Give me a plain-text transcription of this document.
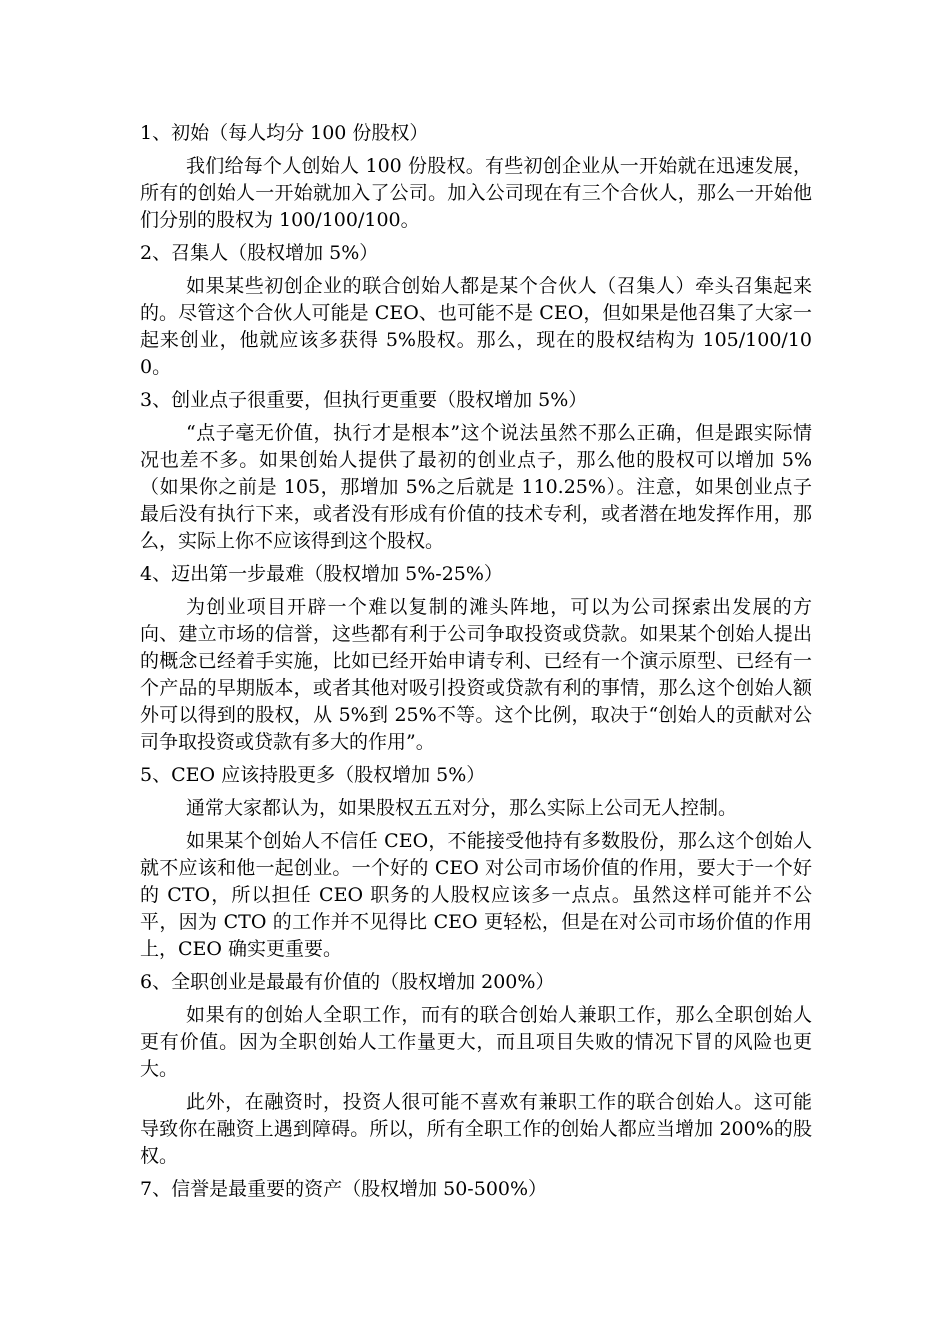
1、初始（每人均分 100 份股权）

我们给每个人创始人 100 份股权。有些初创企业从一开始就在迅速发展，所有的创始人一开始就加入了公司。加入公司现在有三个合伙人，那么一开始他们分别的股权为 100/100/100。

2、召集人（股权增加 5%）

如果某些初创企业的联合创始人都是某个合伙人（召集人）牵头召集起来的。尽管这个合伙人可能是 CEO、也可能不是 CEO，但如果是他召集了大家一起来创业，他就应该多获得 5%股权。那么，现在的股权结构为 105/100/100。

3、创业点子很重要，但执行更重要（股权增加 5%）

“点子毫无价值，执行才是根本”这个说法虽然不那么正确，但是跟实际情况也差不多。如果创始人提供了最初的创业点子，那么他的股权可以增加 5%（如果你之前是 105，那增加 5%之后就是 110.25%）。注意，如果创业点子最后没有执行下来，或者没有形成有价值的技术专利，或者潜在地发挥作用，那么，实际上你不应该得到这个股权。

4、迈出第一步最难（股权增加 5%-25%）

为创业项目开辟一个难以复制的滩头阵地，可以为公司探索出发展的方向、建立市场的信誉，这些都有利于公司争取投资或贷款。如果某个创始人提出的概念已经着手实施，比如已经开始申请专利、已经有一个演示原型、已经有一个产品的早期版本，或者其他对吸引投资或贷款有利的事情，那么这个创始人额外可以得到的股权，从 5%到 25%不等。这个比例，取决于“创始人的贡献对公司争取投资或贷款有多大的作用”。

5、CEO 应该持股更多（股权增加 5%）

通常大家都认为，如果股权五五对分，那么实际上公司无人控制。

如果某个创始人不信任 CEO，不能接受他持有多数股份，那么这个创始人就不应该和他一起创业。一个好的 CEO 对公司市场价值的作用，要大于一个好的 CTO，所以担任 CEO 职务的人股权应该多一点点。虽然这样可能并不公平，因为 CTO 的工作并不见得比 CEO 更轻松，但是在对公司市场价值的作用上，CEO 确实更重要。

6、全职创业是最最有价值的（股权增加 200%）

如果有的创始人全职工作，而有的联合创始人兼职工作，那么全职创始人更有价值。因为全职创始人工作量更大，而且项目失败的情况下冒的风险也更大。

此外，在融资时，投资人很可能不喜欢有兼职工作的联合创始人。这可能导致你在融资上遇到障碍。所以，所有全职工作的创始人都应当增加 200%的股权。

7、信誉是最重要的资产（股权增加 50-500%）
